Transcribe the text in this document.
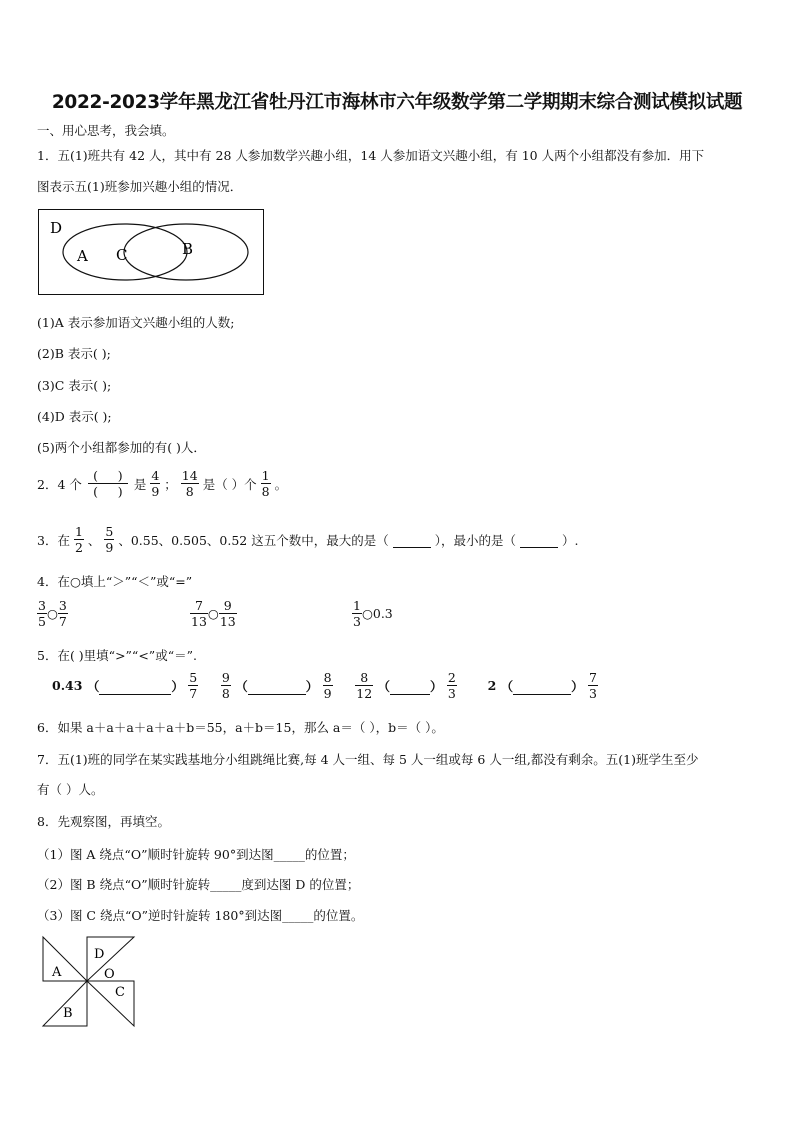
2022-2023学年黑龙江省牡丹江市海林市六年级数学第二学期期末综合测试模拟试题
一、用心思考，我会填。
1．五(1)班共有 42 人，其中有 28 人参加数学兴趣小组，14 人参加语文兴趣小组，有 10 人两个小组都没有参加．用下
图表示五(1)班参加兴趣小组的情况．
D
A C	B
(1)A 表示参加语文兴趣小组的人数;
(2)B 表示( );
(3)C 表示( );
(4)D 表示( );
(5)两个小组都参加的有( )人．
2．4 个 $\frac{( )}{( )}$ 是 $\frac{4}{9}$ ； $\frac{14}{8}$ 是（ ）个 $\frac{1}{8}$ 。
3．在 $\frac{1}{2}$ 、 $\frac{5}{9}$ 、0.55、0.505、0.52 这五个数中，最大的是（	），最小的是（	）.
4．在○填上“＞”“＜”或“=”
$\frac{3}{5}$ ○ $\frac{3}{7}$	$\frac{7}{13}$ ○ $\frac{9}{13}$	$\frac{1}{3}$ ○0.3
5．在( )里填“>”“<”或“＝”.
0.43 （	） $\frac{5}{7}$
$\frac{9}{8}$ （	） $\frac{8}{9}$
$\frac{8}{12}$ （	） $\frac{2}{3} 2$ （	） $\frac{7}{3}$
6．如果 a＋a＋a＋a＋a＋b＝55，a＋b＝15，那么 a＝（ ），b＝（ ）。
7．五(1)班的同学在某实践基地分小组跳绳比赛,每 4 人一组、每 5 人一组或每 6 人一组,都没有剩余。五(1)班学生至少
有（ ）人。
8．先观察图，再填空。
（1）图 A 绕点“O”顺时针旋转 90°到达图_____的位置；
（2）图 B 绕点“O”顺时针旋转_____度到达图 D 的位置；
（3）图 C 绕点“O”逆时针旋转 180°到达图_____的位置。
A
D
O
C
B
